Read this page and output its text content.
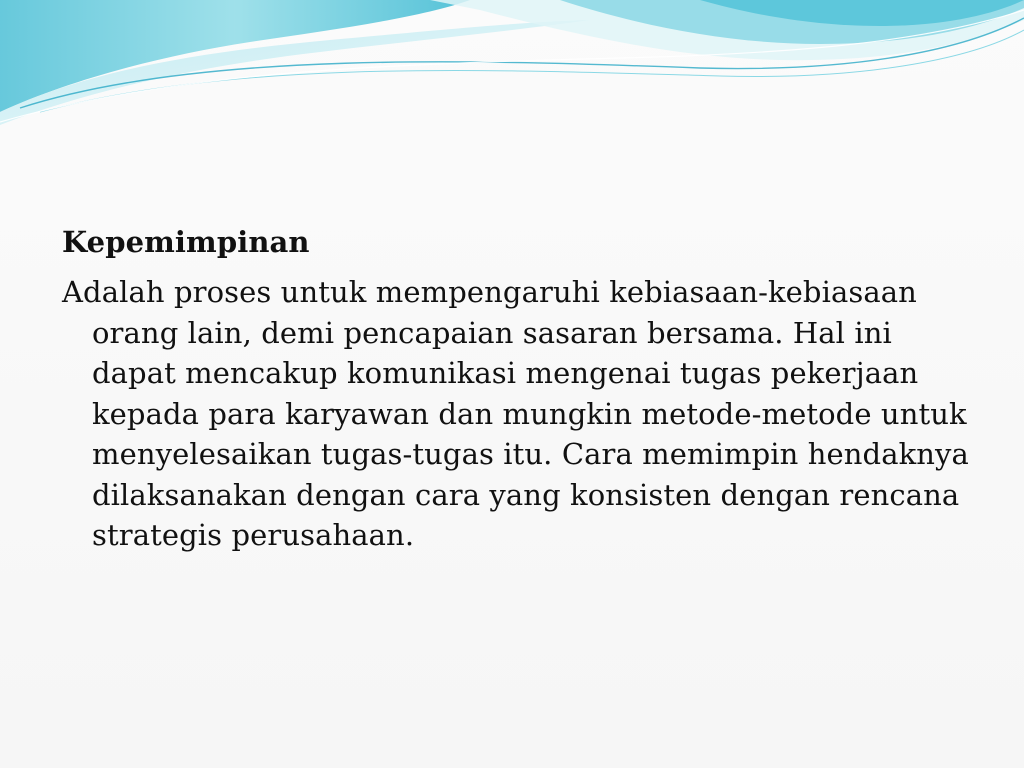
Kepemimpinan

Adalah proses untuk mempengaruhi kebiasaan-kebiasaan orang lain, demi pencapaian sasaran bersama. Hal ini dapat mencakup komunikasi mengenai tugas pekerjaan kepada para karyawan dan mungkin metode-metode untuk menyelesaikan tugas-tugas itu. Cara memimpin hendaknya dilaksanakan dengan cara yang konsisten dengan rencana strategis perusahaan.
